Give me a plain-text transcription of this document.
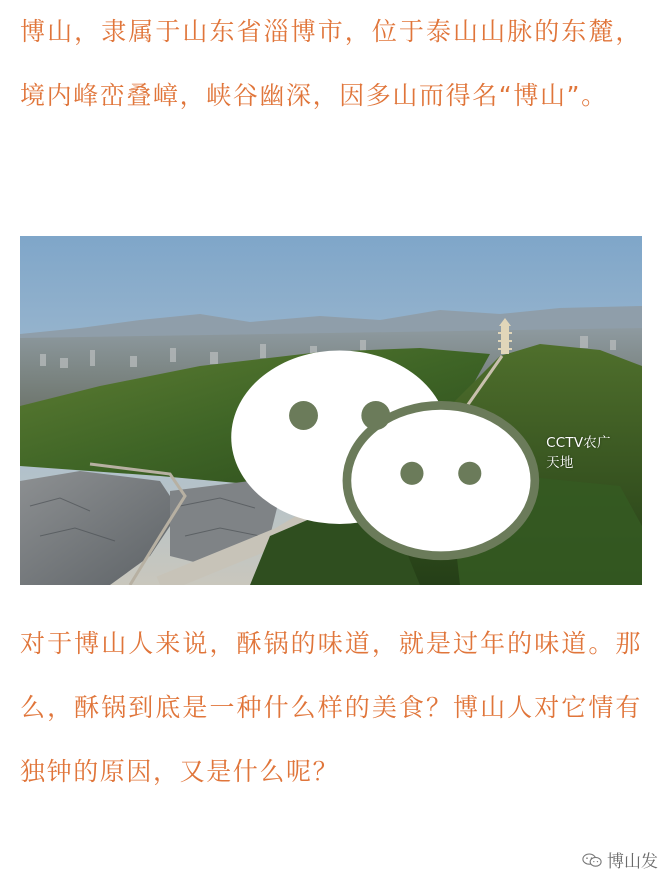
博山，隶属于山东省淄博市，位于泰山山脉的东麓，境内峰峦叠嶂，峡谷幽深，因多山而得名“博山”。

CCTV农广天地

对于博山人来说，酥锅的味道，就是过年的味道。那么，酥锅到底是一种什么样的美食？博山人对它情有独钟的原因，又是什么呢？

博山发
